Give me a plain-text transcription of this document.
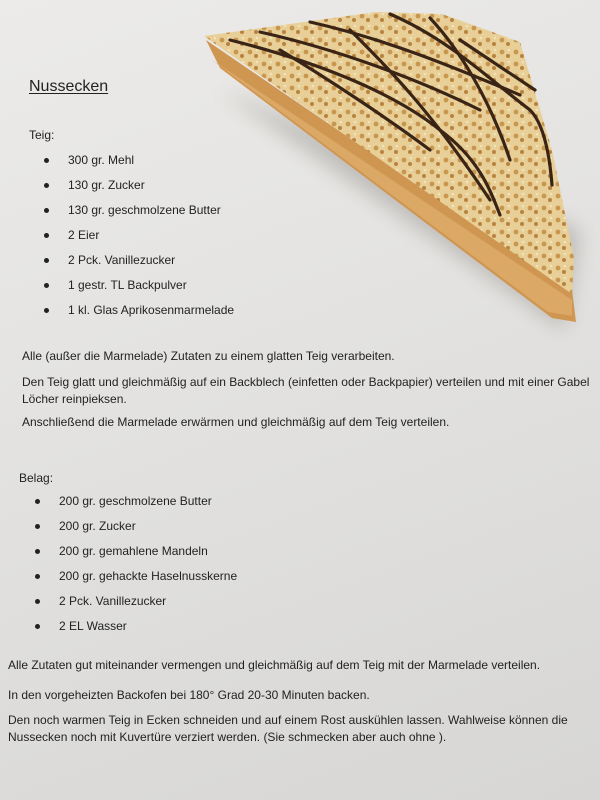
Nussecken
Teig:
300 gr. Mehl
130 gr. Zucker
130 gr. geschmolzene Butter
2 Eier
2 Pck. Vanillezucker
1 gestr. TL Backpulver
1 kl. Glas Aprikosenmarmelade
Alle (außer die Marmelade) Zutaten zu einem glatten Teig verarbeiten.
Den Teig glatt und gleichmäßig auf ein Backblech (einfetten oder Backpapier) verteilen und mit einer Gabel Löcher reinpieksen.
Anschließend die Marmelade erwärmen und gleichmäßig auf dem Teig verteilen.
Belag:
200 gr. geschmolzene Butter
200 gr. Zucker
200 gr. gemahlene Mandeln
200 gr. gehackte Haselnusskerne
2 Pck. Vanillezucker
2 EL Wasser
Alle Zutaten gut miteinander vermengen und gleichmäßig auf dem Teig mit der Marmelade verteilen.
In den vorgeheizten Backofen bei 180° Grad 20-30 Minuten backen.
Den noch warmen Teig in Ecken schneiden und auf einem Rost auskühlen lassen. Wahlweise können die Nussecken noch mit Kuvertüre verziert werden. (Sie schmecken aber auch ohne ).
